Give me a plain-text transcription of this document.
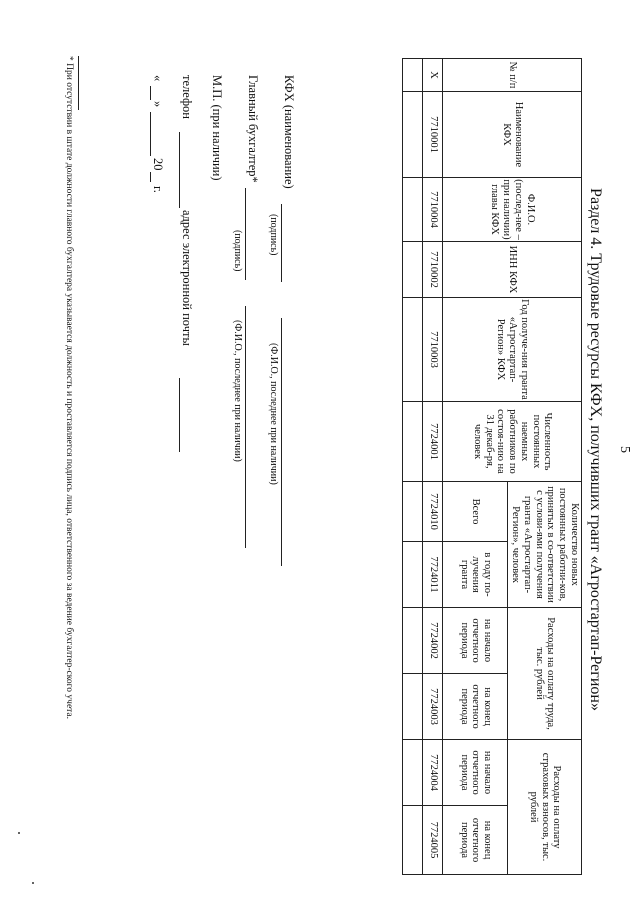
5
Раздел 4. Трудовые ресурсы КФХ, получивших грант «Агростартап-Регион»
№ п/п	Наименование КФХ	Ф.И.О. (послед-нее – при наличии) главы КФХ	ИНН КФХ	Год получе-ния гранта «Агростартап-Регион» КФХ	Численность постоянных наемных работников по состоя-нию на 31 декаб-ря, человек	Количество новых постоянных работни-ков, принятых в со-ответствии с услови-ями получения гранта «Агростартап-Регион», человек		Расходы на оплату труда, тыс. рублей		Расходы на оплату страховых взносов, тыс. рублей	
						Всего	в году по-лучения гранта	на начало отчетного периода	на конец отчетного периода	на начало отчетного периода	на конец отчетного периода
X	7710001	7710004	7710002	7710003	7724001	7724010	7724011	7724002	7724003	7724004	7724005

КФХ (наименование)
(подпись)
(Ф.И.О., последнее при наличии)
Главный бухгалтер*
(подпись)
(Ф.И.О., последнее при наличии)
М.П. (при наличии)
телефон
адрес электронной почты
«
»
20
г.
* При отсутствии в штате должности главного бухгалтера указывается должность и проставляется подпись лица, ответственного за ведение бухгалтер-ского учета.
